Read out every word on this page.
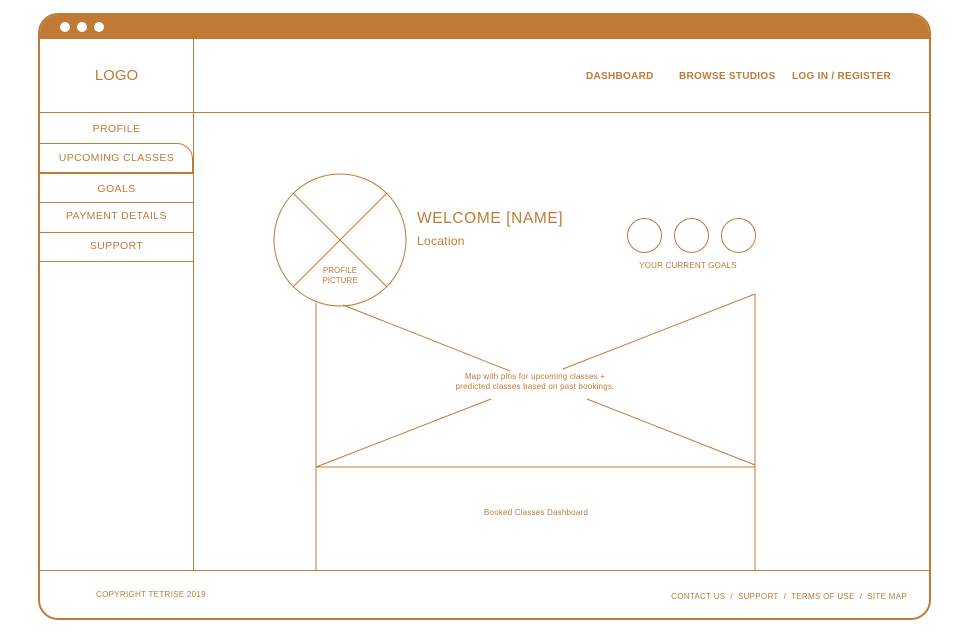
LOGO	DASHBOARD	BROWSE STUDIOS LOG IN / REGISTER
PROFILE
UPCOMING CLASSES
GOALS
PAYMENT DETAILS
SUPPORT
PROFILE
PICTURE
WELCOME [NAME]
Location
YOUR CURRENT GOALS
Map with pins for upcoming classes +
predicted classes based on past bookings.
Booked Classes Dashboard
COPYRIGHT TETRISE 2019	CONTACT US / SUPPORT / TERMS OF USE / SITE MAP
